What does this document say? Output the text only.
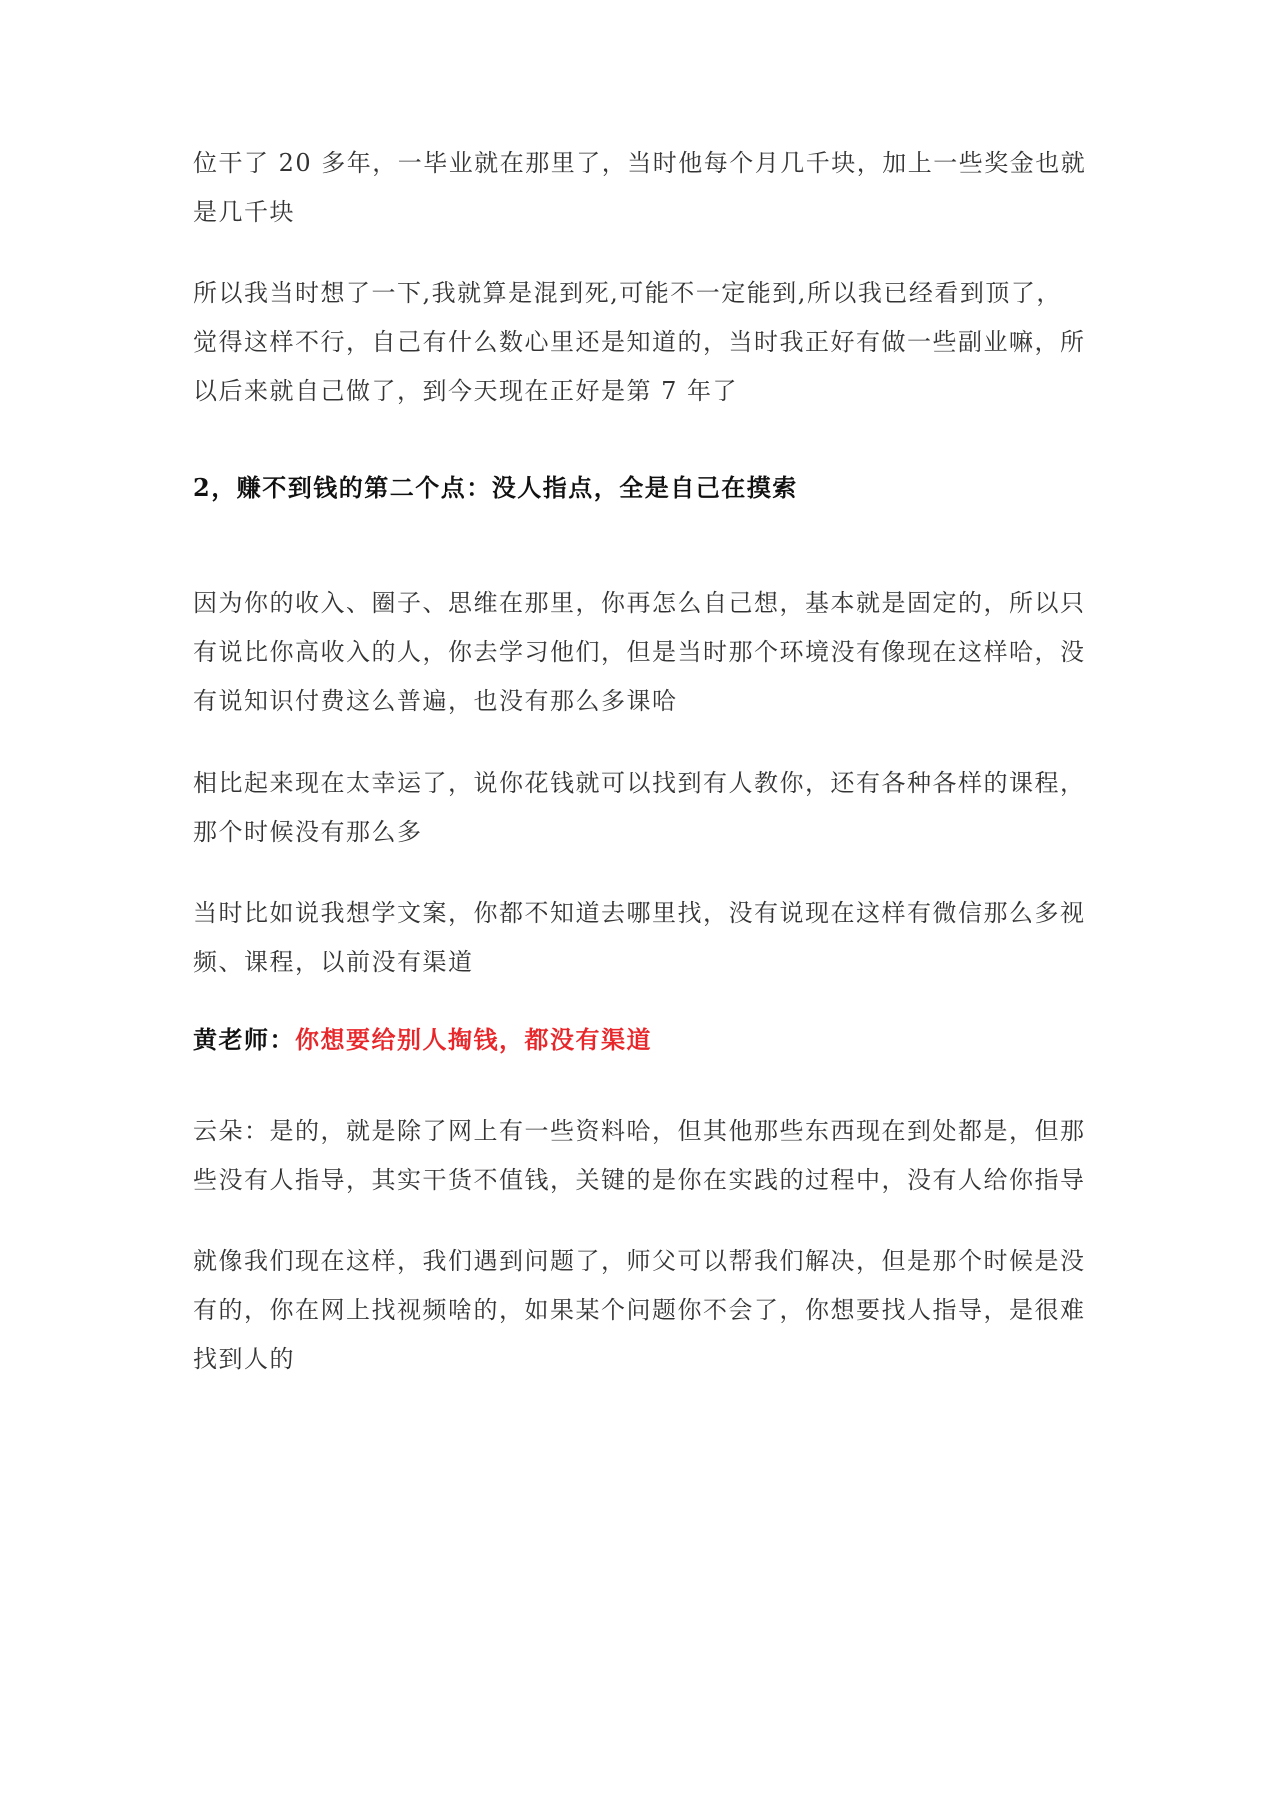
位干了 20 多年，一毕业就在那里了，当时他每个月几千块，加上一些奖金也就
是几千块

所以我当时想了一下,我就算是混到死,可能不一定能到,所以我已经看到顶了，
觉得这样不行，自己有什么数心里还是知道的，当时我正好有做一些副业嘛，所
以后来就自己做了，到今天现在正好是第 7 年了

2，赚不到钱的第二个点：没人指点，全是自己在摸索

因为你的收入、圈子、思维在那里，你再怎么自己想，基本就是固定的，所以只
有说比你高收入的人，你去学习他们，但是当时那个环境没有像现在这样哈，没
有说知识付费这么普遍，也没有那么多课哈

相比起来现在太幸运了，说你花钱就可以找到有人教你，还有各种各样的课程，
那个时候没有那么多

当时比如说我想学文案，你都不知道去哪里找，没有说现在这样有微信那么多视
频、课程，以前没有渠道

黄老师：你想要给别人掏钱，都没有渠道

云朵：是的，就是除了网上有一些资料哈，但其他那些东西现在到处都是，但那
些没有人指导，其实干货不值钱，关键的是你在实践的过程中，没有人给你指导

就像我们现在这样，我们遇到问题了，师父可以帮我们解决，但是那个时候是没
有的，你在网上找视频啥的，如果某个问题你不会了，你想要找人指导，是很难
找到人的
